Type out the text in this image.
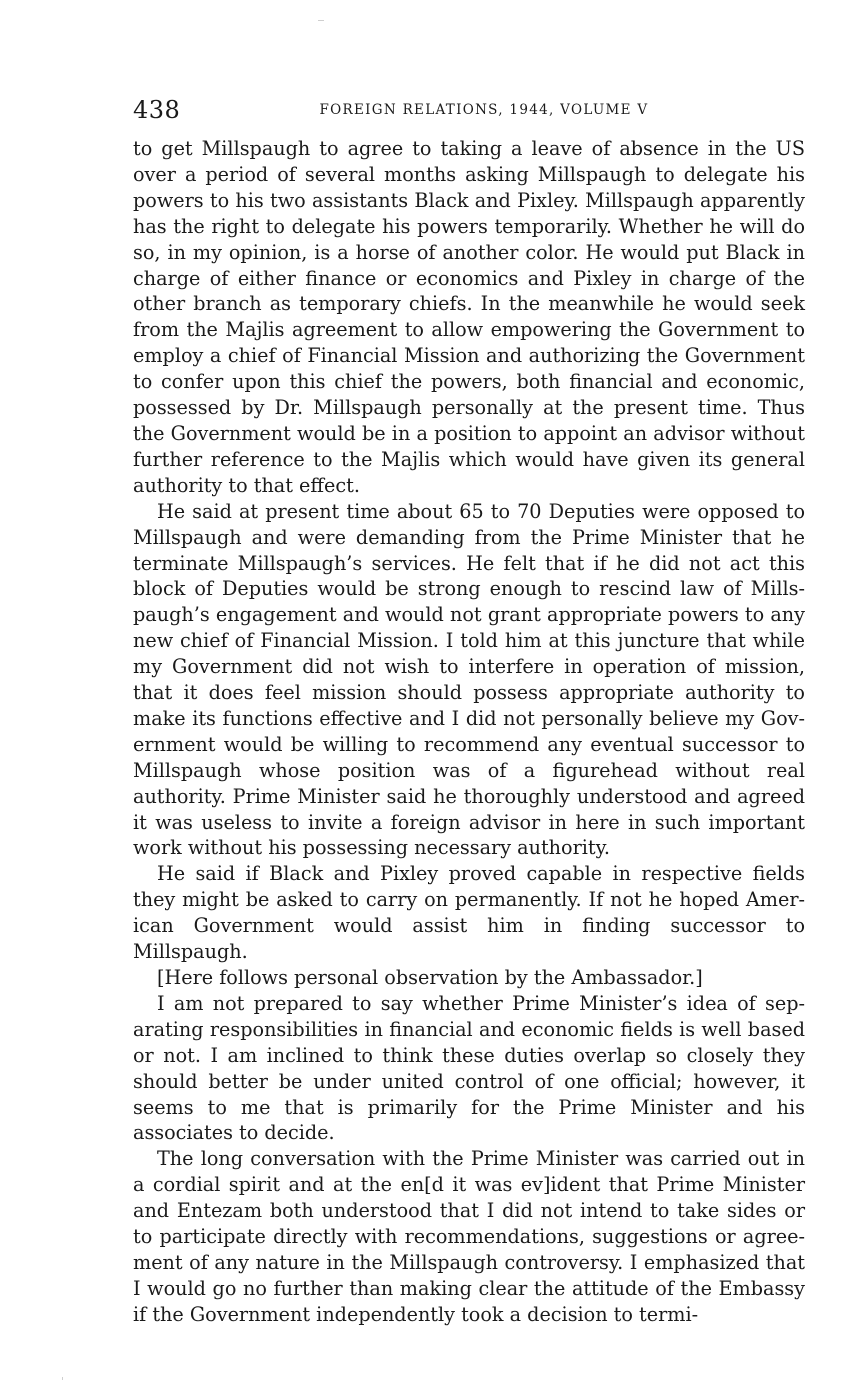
438	FOREIGN RELATIONS, 1944, VOLUME V

to get Millspaugh to agree to taking a leave of absence in the US over a period of several months asking Millspaugh to delegate his powers to his two assistants Black and Pixley. Millspaugh apparently has the right to delegate his powers temporarily. Whether he will do so, in my opinion, is a horse of another color. He would put Black in charge of either finance or economics and Pixley in charge of the other branch as temporary chiefs. In the meanwhile he would seek from the Majlis agreement to allow empowering the Government to employ a chief of Financial Mission and authorizing the Government to confer upon this chief the powers, both financial and economic, possessed by Dr. Millspaugh personally at the present time. Thus the Government would be in a position to appoint an advisor without further reference to the Majlis which would have given its general authority to that effect.

He said at present time about 65 to 70 Deputies were opposed to Millspaugh and were demanding from the Prime Minister that he terminate Millspaugh’s services. He felt that if he did not act this block of Deputies would be strong enough to rescind law of Millspaugh’s engagement and would not grant appropriate powers to any new chief of Financial Mission. I told him at this juncture that while my Government did not wish to interfere in operation of mission, that it does feel mission should possess appropriate authority to make its functions effective and I did not personally believe my Government would be willing to recommend any eventual successor to Millspaugh whose position was of a figurehead without real authority. Prime Minister said he thoroughly understood and agreed it was useless to invite a foreign advisor in here in such important work without his possessing necessary authority.

He said if Black and Pixley proved capable in respective fields they might be asked to carry on permanently. If not he hoped American Government would assist him in finding successor to Millspaugh.

[Here follows personal observation by the Ambassador.]

I am not prepared to say whether Prime Minister’s idea of separating responsibilities in financial and economic fields is well based or not. I am inclined to think these duties overlap so closely they should better be under united control of one official; however, it seems to me that is primarily for the Prime Minister and his associates to decide.

The long conversation with the Prime Minister was carried out in a cordial spirit and at the en[d it was ev]ident that Prime Minister and Entezam both understood that I did not intend to take sides or to participate directly with recommendations, suggestions or agreement of any nature in the Millspaugh controversy. I emphasized that I would go no further than making clear the attitude of the Embassy if the Government independently took a decision to termi-
